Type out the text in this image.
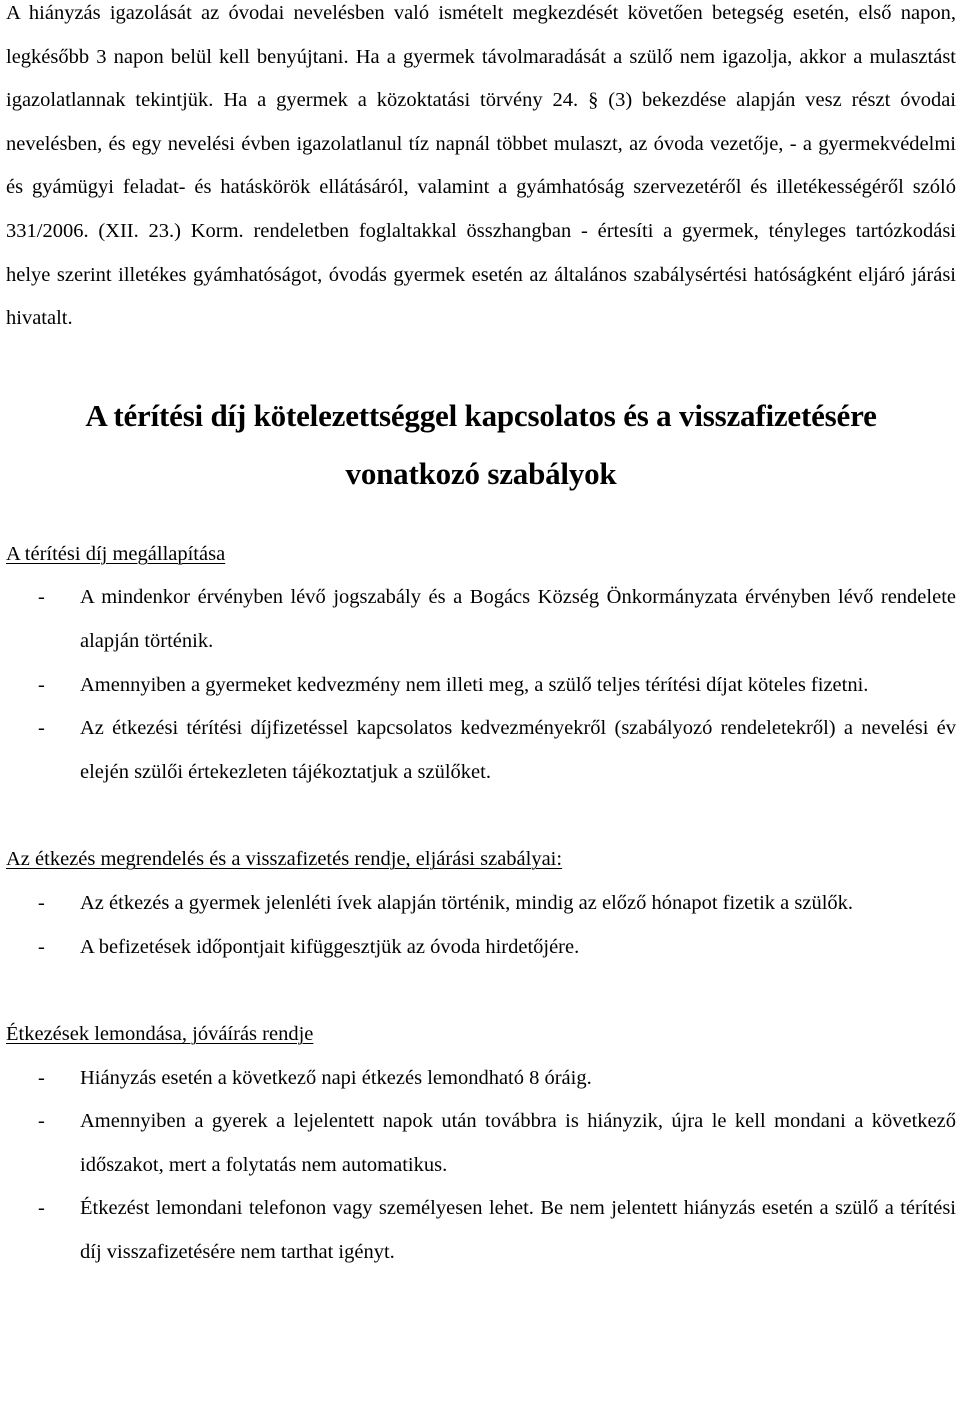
A hiányzás igazolását az óvodai nevelésben való ismételt megkezdését követően betegség esetén, első napon, legkésőbb 3 napon belül kell benyújtani. Ha a gyermek távolmaradását a szülő nem igazolja, akkor a mulasztást igazolatlannak tekintjük. Ha a gyermek a közoktatási törvény 24. § (3) bekezdése alapján vesz részt óvodai nevelésben, és egy nevelési évben igazolatlanul tíz napnál többet mulaszt, az óvoda vezetője, - a gyermekvédelmi és gyámügyi feladat- és hatáskörök ellátásáról, valamint a gyámhatóság szervezetéről és illetékességéről szóló 331/2006. (XII. 23.) Korm. rendeletben foglaltakkal összhangban - értesíti a gyermek, tényleges tartózkodási helye szerint illetékes gyámhatóságot, óvodás gyermek esetén az általános szabálysértési hatóságként eljáró járási hivatalt.

A térítési díj kötelezettséggel kapcsolatos és a visszafizetésére

vonatkozó szabályok

A térítési díj megállapítása

- A mindenkor érvényben lévő jogszabály és a Bogács Község Önkormányzata érvényben lévő rendelete alapján történik.
- Amennyiben a gyermeket kedvezmény nem illeti meg, a szülő teljes térítési díjat köteles fizetni.
- Az étkezési térítési díjfizetéssel kapcsolatos kedvezményekről (szabályozó rendeletekről) a nevelési év elején szülői értekezleten tájékoztatjuk a szülőket.

Az étkezés megrendelés és a visszafizetés rendje, eljárási szabályai:

- Az étkezés a gyermek jelenléti ívek alapján történik, mindig az előző hónapot fizetik a szülők.
- A befizetések időpontjait kifüggesztjük az óvoda hirdetőjére.

Étkezések lemondása, jóváírás rendje

- Hiányzás esetén a következő napi étkezés lemondható 8 óráig.
- Amennyiben a gyerek a lejelentett napok után továbbra is hiányzik, újra le kell mondani a következő időszakot, mert a folytatás nem automatikus.
- Étkezést lemondani telefonon vagy személyesen lehet. Be nem jelentett hiányzás esetén a szülő a térítési díj visszafizetésére nem tarthat igényt.
